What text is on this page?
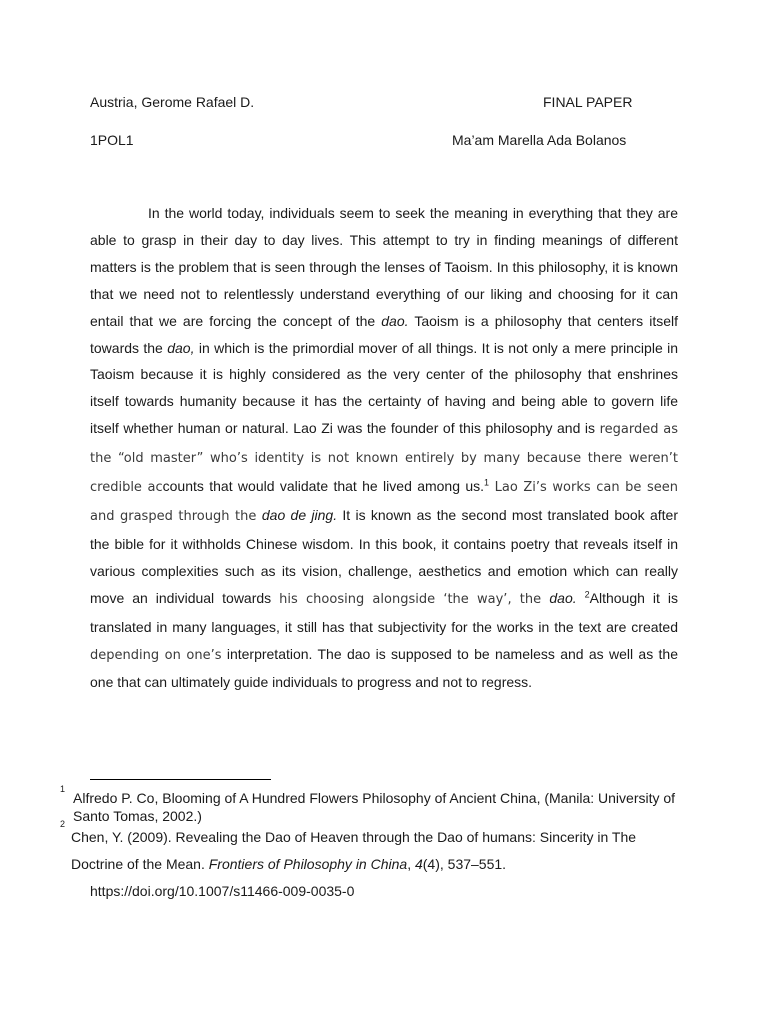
Austria, Gerome Rafael D.	FINAL PAPER
1POL1	Ma’am Marella Ada Bolanos

In the world today, individuals seem to seek the meaning in everything that they are able to grasp in their day to day lives. This attempt to try in finding meanings of different matters is the problem that is seen through the lenses of Taoism. In this philosophy, it is known that we need not to relentlessly understand everything of our liking and choosing for it can entail that we are forcing the concept of the dao. Taoism is a philosophy that centers itself towards the dao, in which is the primordial mover of all things. It is not only a mere principle in Taoism because it is highly considered as the very center of the philosophy that enshrines itself towards humanity because it has the certainty of having and being able to govern life itself whether human or natural. Lao Zi was the founder of this philosophy and is regarded as the “old master” who’s identity is not known entirely by many because there weren’t credible accounts that would validate that he lived among us.$^1$ Lao Zi’s works can be seen and grasped through the dao de jing. It is known as the second most translated book after the bible for it withholds Chinese wisdom. In this book, it contains poetry that reveals itself in various complexities such as its vision, challenge, aesthetics and emotion which can really move an individual towards his choosing alongside ‘the way’, the dao. $^2$Although it is translated in many languages, it still has that subjectivity for the works in the text are created depending on one’s interpretation. The dao is supposed to be nameless and as well as the one that can ultimately guide individuals to progress and not to regress.

1
Alfredo P. Co, Blooming of A Hundred Flowers Philosophy of Ancient China, (Manila: University of Santo Tomas, 2002.)
2
Chen, Y. (2009). Revealing the Dao of Heaven through the Dao of humans: Sincerity in The Doctrine of the Mean. Frontiers of Philosophy in China, 4(4), 537–551.
https://doi.org/10.1007/s11466-009-0035-0
